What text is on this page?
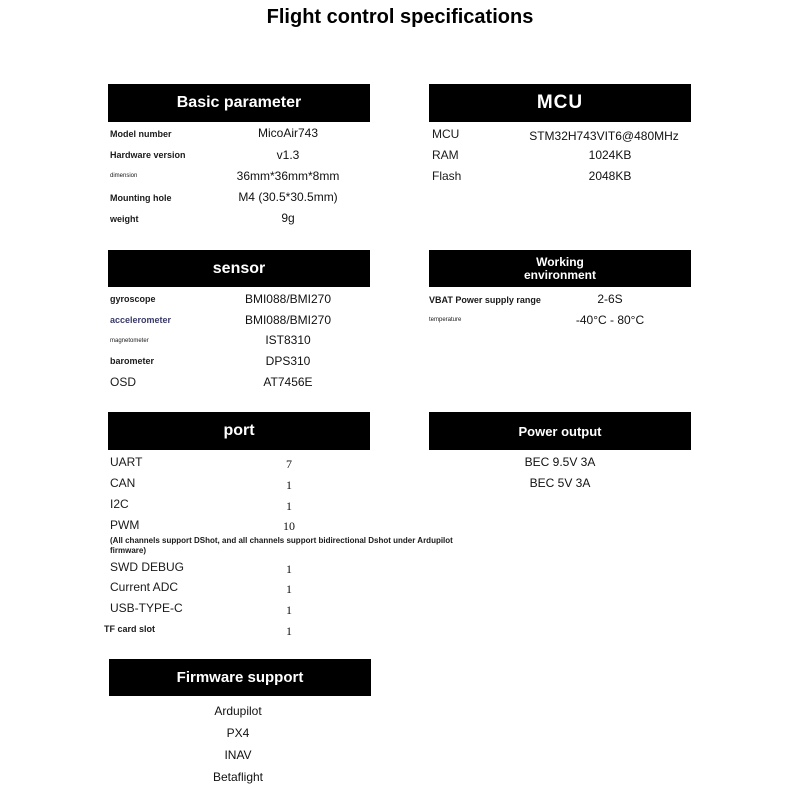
Flight control specifications
Basic parameter
Model number	MicoAir743
Hardware version	v1.3
dimension	36mm*36mm*8mm
Mounting hole	M4 (30.5*30.5mm)
weight	9g
MCU
MCU	STM32H743VIT6@480MHz
RAM	1024KB
Flash	2048KB
sensor
gyroscope	BMI088/BMI270
accelerometer	BMI088/BMI270
magnetometer	IST8310
barometer	DPS310
OSD	AT7456E
Working
environment
VBAT Power supply range	2-6S
temperature	-40°C - 80°C
port
UART	7
CAN	1
I2C	1
PWM	10
(All channels support DShot, and all channels support bidirectional Dshot under Ardupilot firmware)
SWD DEBUG	1
Current ADC	1
USB-TYPE-C	1
TF card slot	1
Power output
BEC 9.5V 3A
BEC 5V 3A
Firmware support
Ardupilot
PX4
INAV
Betaflight
